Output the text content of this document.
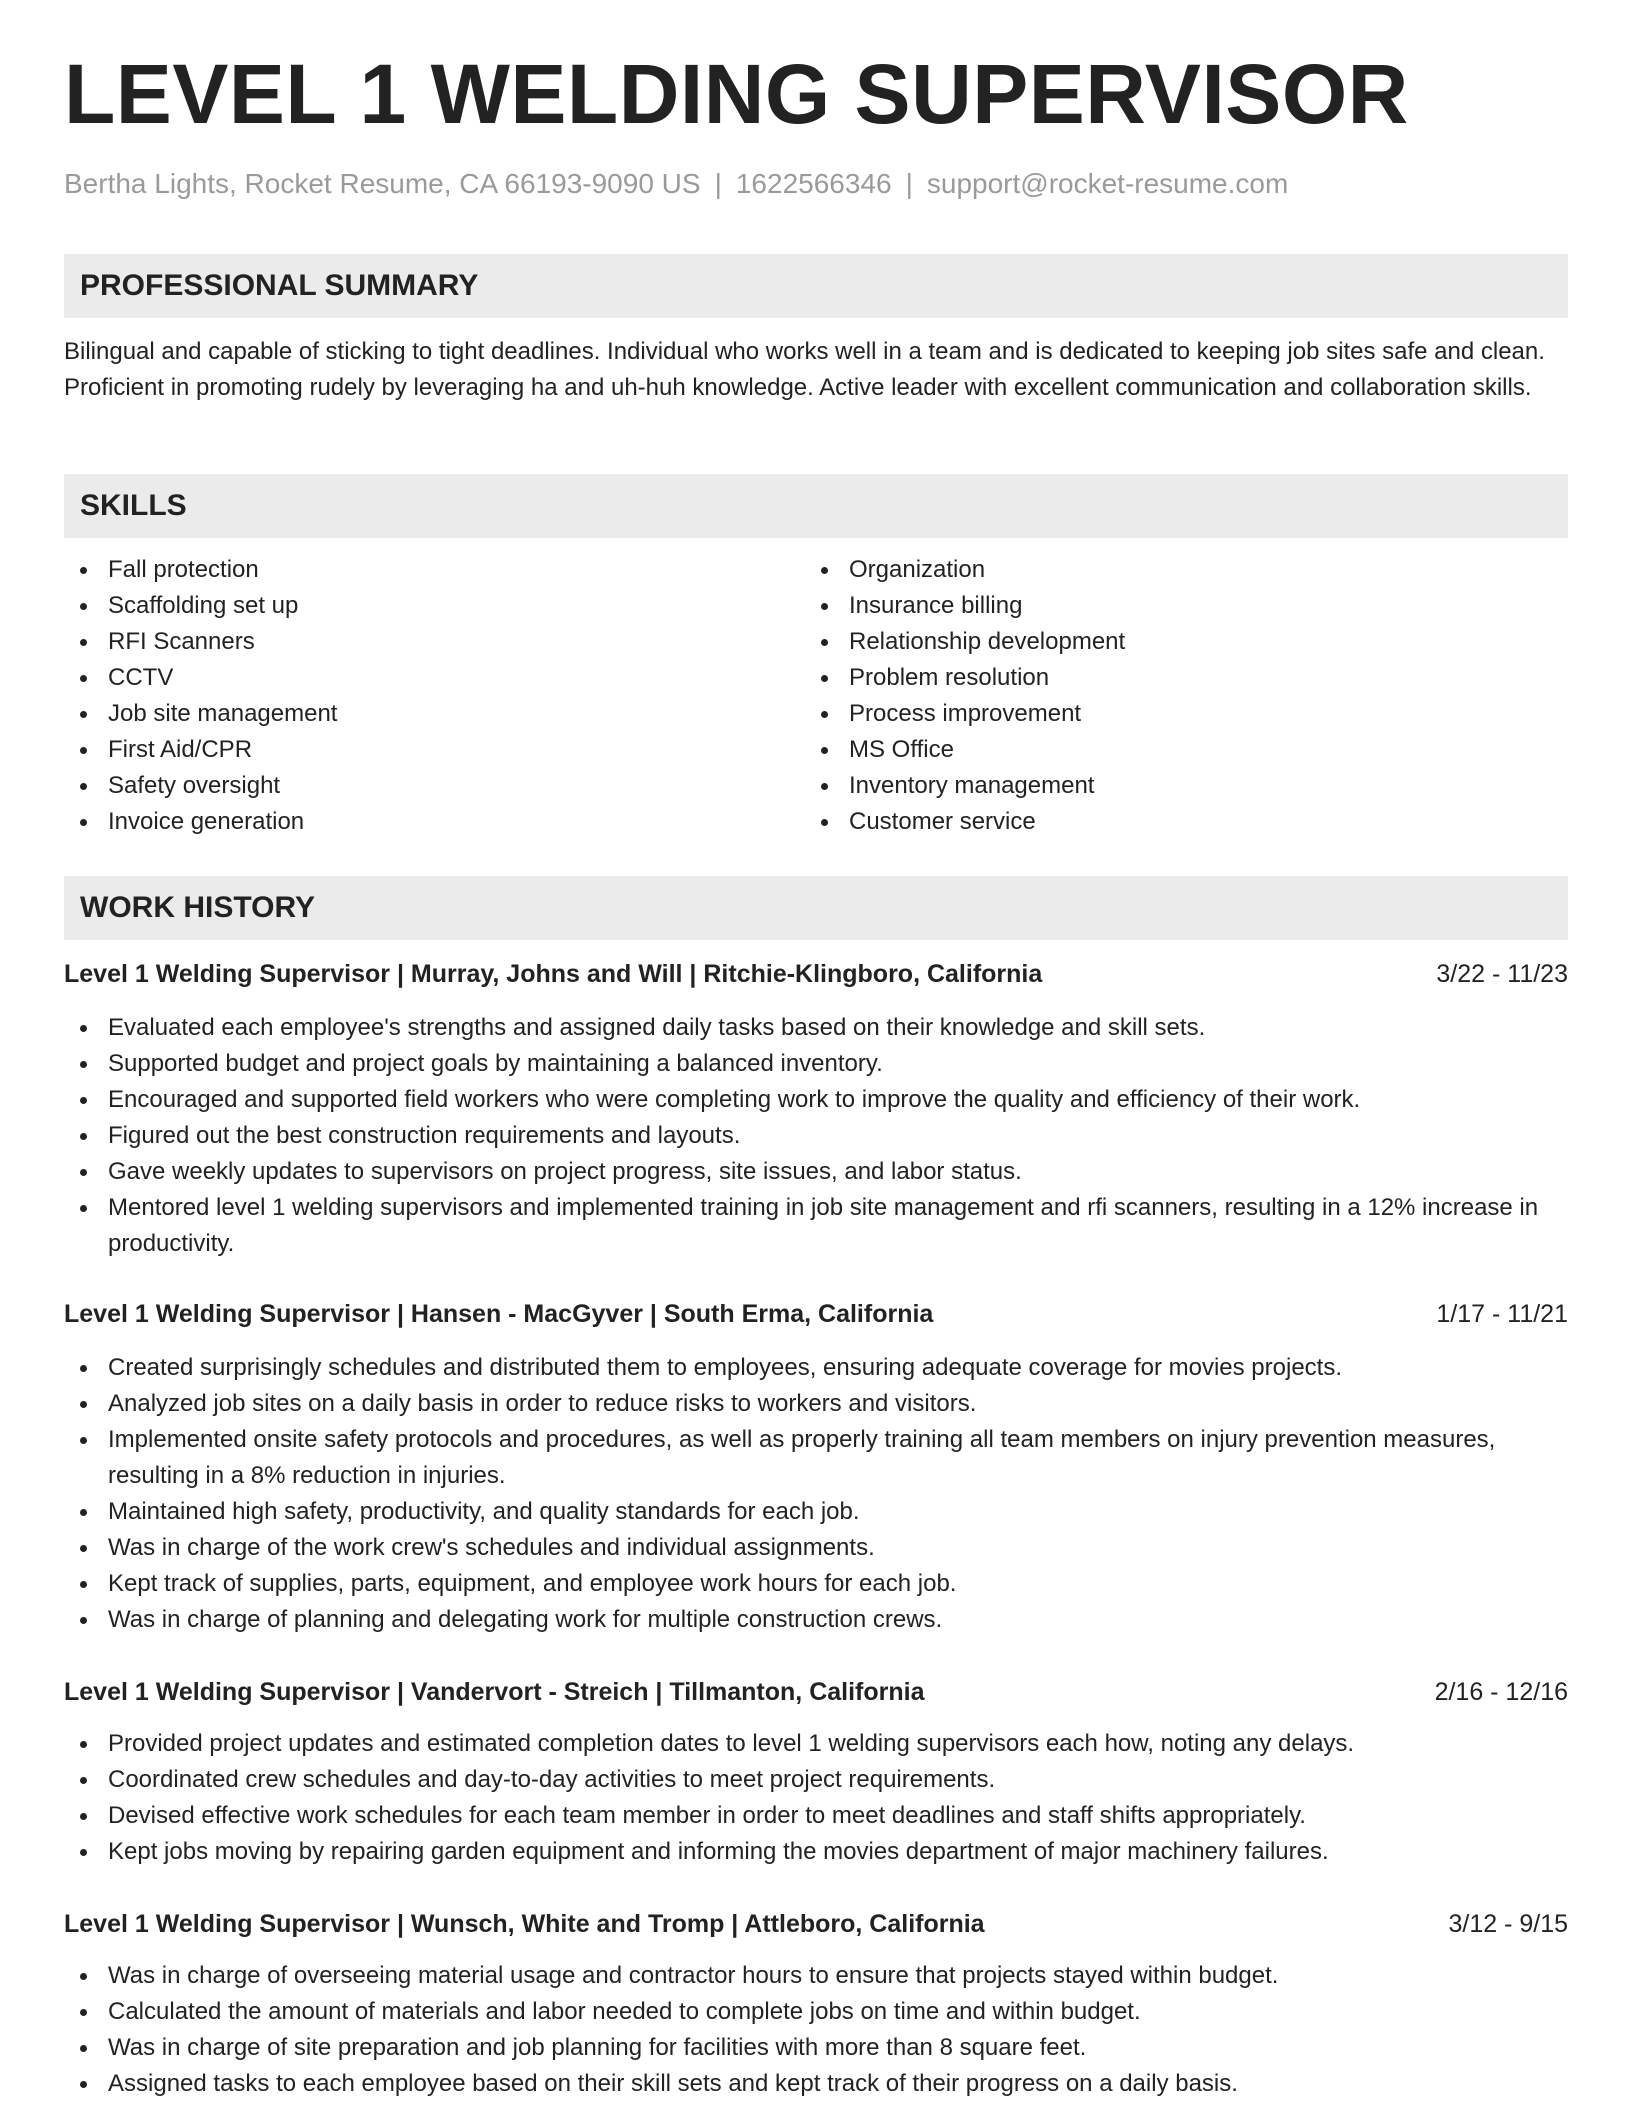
LEVEL 1 WELDING SUPERVISOR
Bertha Lights, Rocket Resume, CA 66193-9090 US | 1622566346 | support@rocket-resume.com
PROFESSIONAL SUMMARY

Bilingual and capable of sticking to tight deadlines. Individual who works well in a team and is dedicated to keeping job sites safe and clean. Proficient in promoting rudely by leveraging ha and uh-huh knowledge. Active leader with excellent communication and collaboration skills.

SKILLS
Fall protection
Scaffolding set up
RFI Scanners
CCTV
Job site management
First Aid/CPR
Safety oversight
Invoice generation
Organization
Insurance billing
Relationship development
Problem resolution
Process improvement
MS Office
Inventory management
Customer service
WORK HISTORY
Level 1 Welding Supervisor | Murray, Johns and Will | Ritchie-Klingboro, California	3/22 - 11/23
Evaluated each employee's strengths and assigned daily tasks based on their knowledge and skill sets.
Supported budget and project goals by maintaining a balanced inventory.
Encouraged and supported field workers who were completing work to improve the quality and efficiency of their work.
Figured out the best construction requirements and layouts.
Gave weekly updates to supervisors on project progress, site issues, and labor status.
Mentored level 1 welding supervisors and implemented training in job site management and rfi scanners, resulting in a 12% increase in productivity.
Level 1 Welding Supervisor | Hansen - MacGyver | South Erma, California	1/17 - 11/21
Created surprisingly schedules and distributed them to employees, ensuring adequate coverage for movies projects.
Analyzed job sites on a daily basis in order to reduce risks to workers and visitors.
Implemented onsite safety protocols and procedures, as well as properly training all team members on injury prevention measures, resulting in a 8% reduction in injuries.
Maintained high safety, productivity, and quality standards for each job.
Was in charge of the work crew's schedules and individual assignments.
Kept track of supplies, parts, equipment, and employee work hours for each job.
Was in charge of planning and delegating work for multiple construction crews.
Level 1 Welding Supervisor | Vandervort - Streich | Tillmanton, California	2/16 - 12/16
Provided project updates and estimated completion dates to level 1 welding supervisors each how, noting any delays.
Coordinated crew schedules and day-to-day activities to meet project requirements.
Devised effective work schedules for each team member in order to meet deadlines and staff shifts appropriately.
Kept jobs moving by repairing garden equipment and informing the movies department of major machinery failures.
Level 1 Welding Supervisor | Wunsch, White and Tromp | Attleboro, California	3/12 - 9/15
Was in charge of overseeing material usage and contractor hours to ensure that projects stayed within budget.
Calculated the amount of materials and labor needed to complete jobs on time and within budget.
Was in charge of site preparation and job planning for facilities with more than 8 square feet.
Assigned tasks to each employee based on their skill sets and kept track of their progress on a daily basis.
